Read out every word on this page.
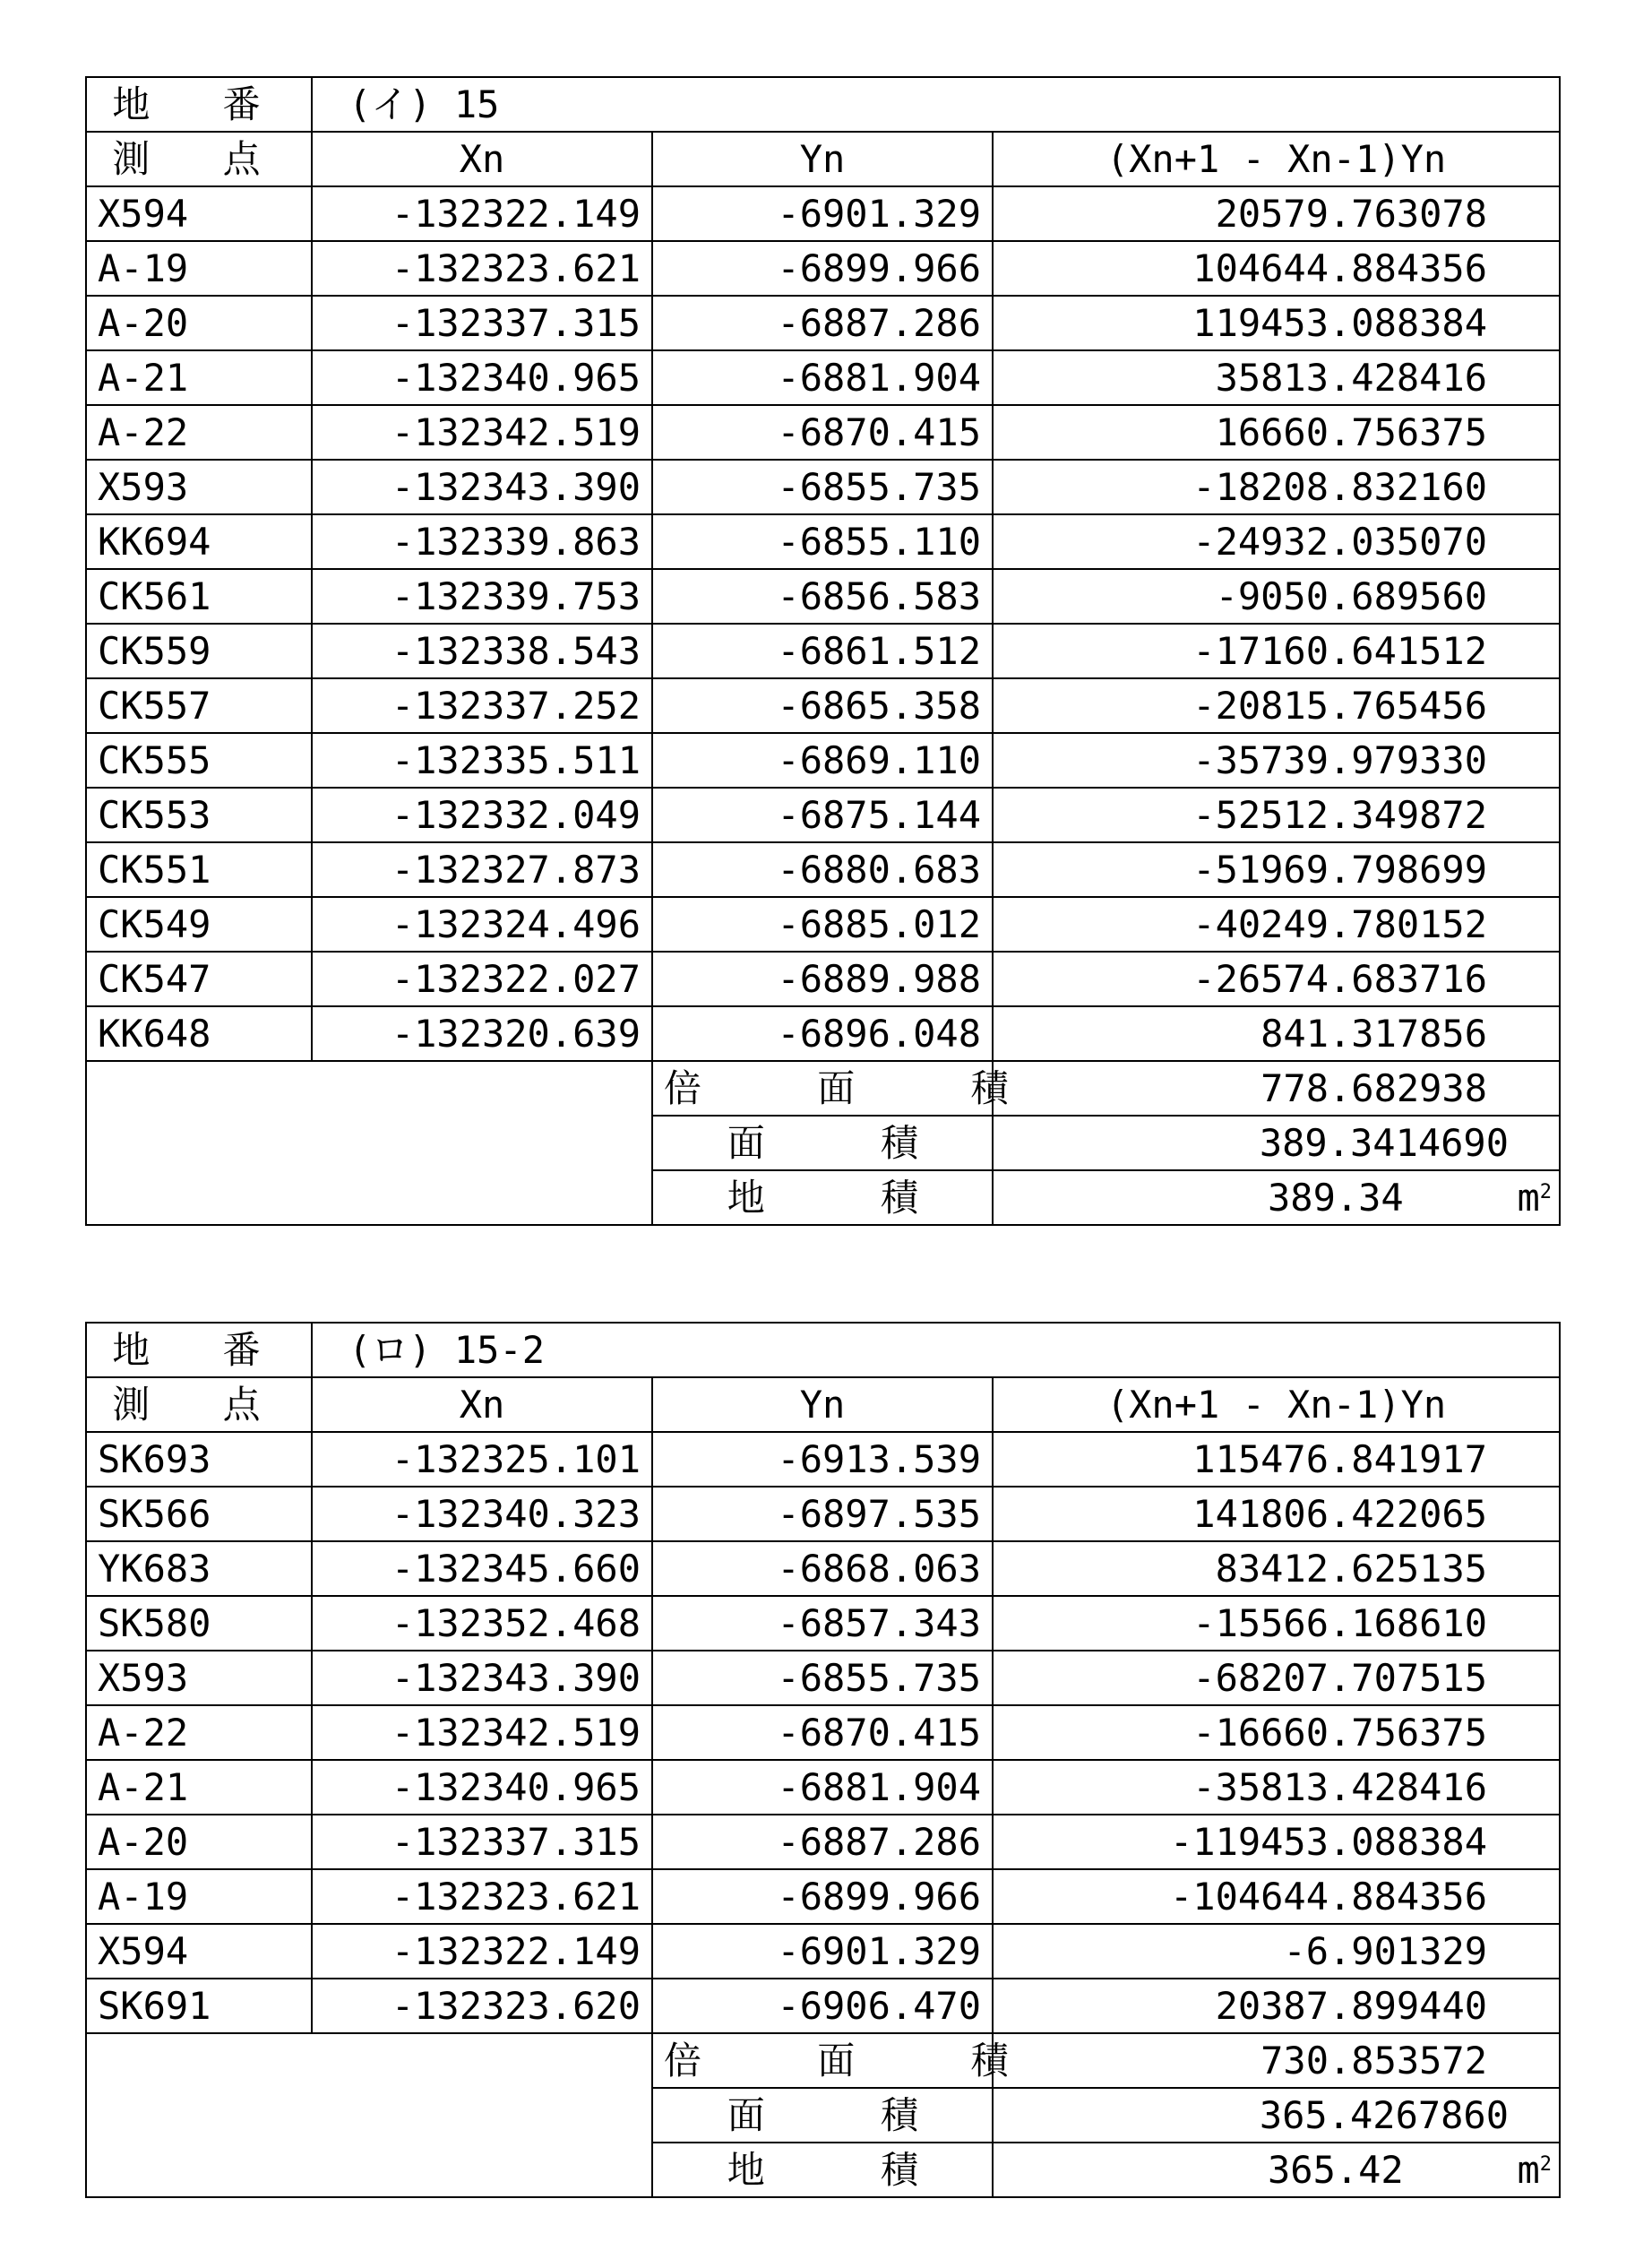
地 番	(イ) 15		
測 点	Xn	Yn	(Xn+1 - Xn-1)Yn
X594	-132322.149	-6901.329	20579.763078
A-19	-132323.621	-6899.966	104644.884356
A-20	-132337.315	-6887.286	119453.088384
A-21	-132340.965	-6881.904	35813.428416
A-22	-132342.519	-6870.415	16660.756375
X593	-132343.390	-6855.735	-18208.832160
KK694	-132339.863	-6855.110	-24932.035070
CK561	-132339.753	-6856.583	-9050.689560
CK559	-132338.543	-6861.512	-17160.641512
CK557	-132337.252	-6865.358	-20815.765456
CK555	-132335.511	-6869.110	-35739.979330
CK553	-132332.049	-6875.144	-52512.349872
CK551	-132327.873	-6880.683	-51969.798699
CK549	-132324.496	-6885.012	-40249.780152
CK547	-132322.027	-6889.988	-26574.683716
KK648	-132320.639	-6896.048	841.317856
		倍 面 積	778.682938
		面 積	389.3414690
		地 積	389.34 $m^2$
地 番	(ロ) 15-2		
測 点	Xn	Yn	(Xn+1 - Xn-1)Yn
SK693	-132325.101	-6913.539	115476.841917
SK566	-132340.323	-6897.535	141806.422065
YK683	-132345.660	-6868.063	83412.625135
SK580	-132352.468	-6857.343	-15566.168610
X593	-132343.390	-6855.735	-68207.707515
A-22	-132342.519	-6870.415	-16660.756375
A-21	-132340.965	-6881.904	-35813.428416
A-20	-132337.315	-6887.286	-119453.088384
A-19	-132323.621	-6899.966	-104644.884356
X594	-132322.149	-6901.329	-6.901329
SK691	-132323.620	-6906.470	20387.899440
		倍 面 積	730.853572
		面 積	365.4267860
		地 積	365.42 $m^2$
